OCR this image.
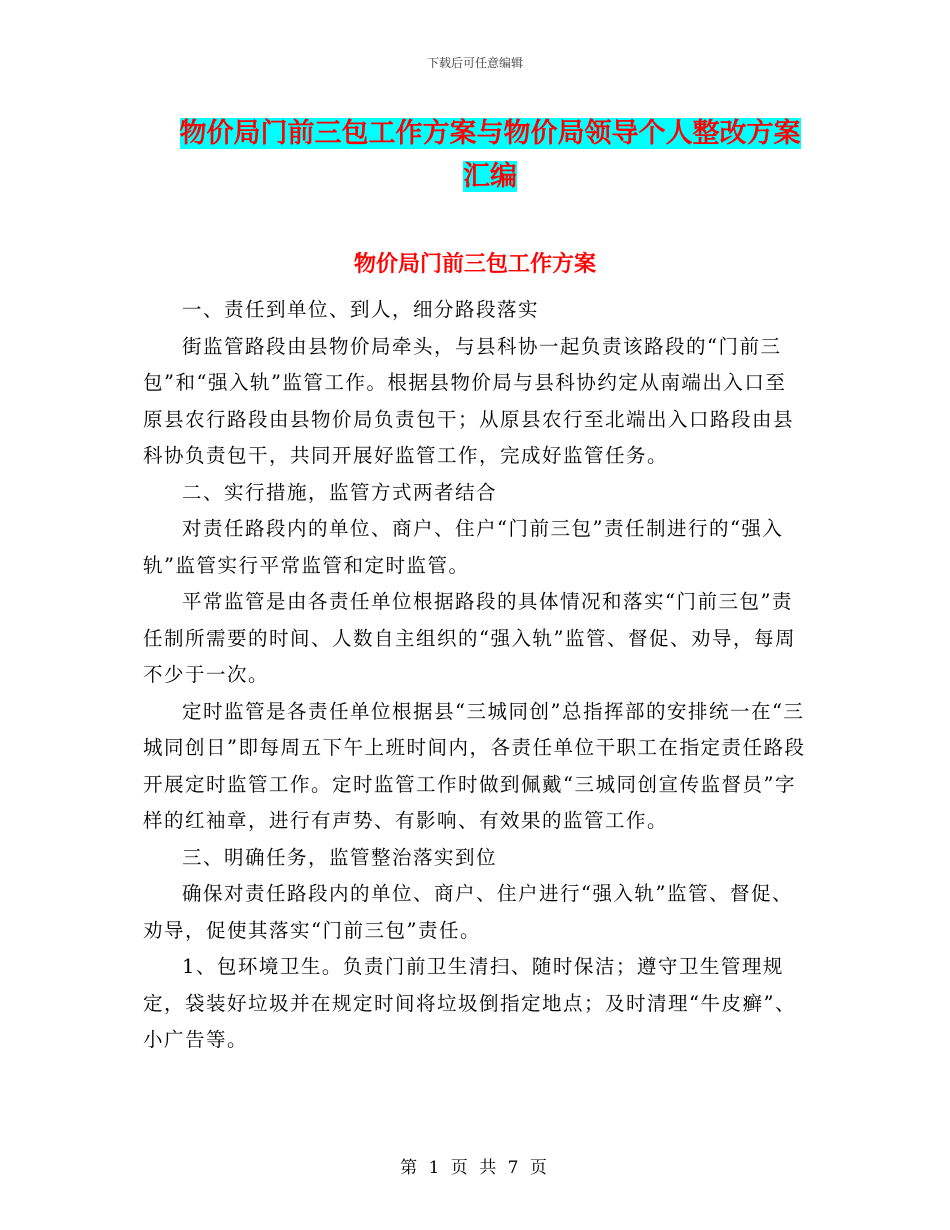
下载后可任意编辑
物价局门前三包工作方案与物价局领导个人整改方案
汇编
物价局门前三包工作方案

一、责任到单位、到人，细分路段落实

街监管路段由县物价局牵头，与县科协一起负责该路段的“门前三包”和“强入轨”监管工作。根据县物价局与县科协约定从南端出入口至原县农行路段由县物价局负责包干；从原县农行至北端出入口路段由县科协负责包干，共同开展好监管工作，完成好监管任务。

二、实行措施，监管方式两者结合

对责任路段内的单位、商户、住户“门前三包”责任制进行的“强入轨”监管实行平常监管和定时监管。

平常监管是由各责任单位根据路段的具体情况和落实“门前三包”责任制所需要的时间、人数自主组织的“强入轨”监管、督促、劝导，每周不少于一次。

定时监管是各责任单位根据县“三城同创”总指挥部的安排统一在“三城同创日”即每周五下午上班时间内，各责任单位干职工在指定责任路段开展定时监管工作。定时监管工作时做到佩戴“三城同创宣传监督员”字样的红袖章，进行有声势、有影响、有效果的监管工作。

三、明确任务，监管整治落实到位

确保对责任路段内的单位、商户、住户进行“强入轨”监管、督促、劝导，促使其落实“门前三包”责任。

1、包环境卫生。负责门前卫生清扫、随时保洁；遵守卫生管理规定，袋装好垃圾并在规定时间将垃圾倒指定地点；及时清理“牛皮癣”、小广告等。

第 1 页 共 7 页
